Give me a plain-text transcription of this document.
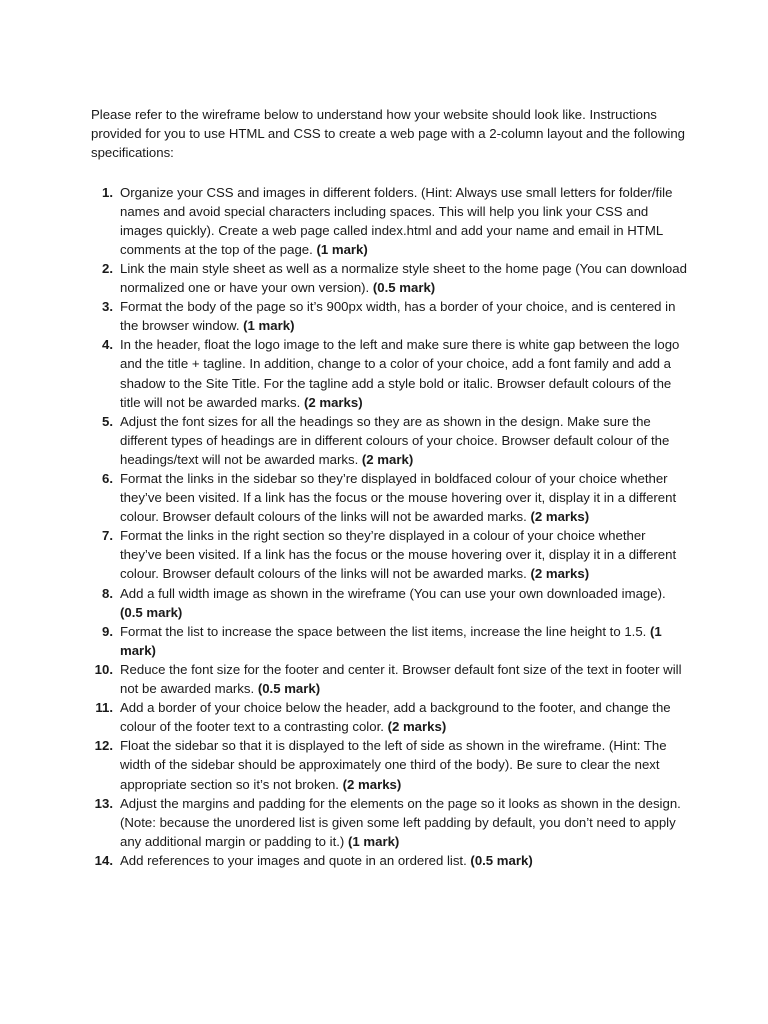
Please refer to the wireframe below to understand how your website should look like. Instructions provided for you to use HTML and CSS to create a web page with a 2-column layout and the following specifications:

1. Organize your CSS and images in different folders. (Hint: Always use small letters for folder/file names and avoid special characters including spaces. This will help you link your CSS and images quickly). Create a web page called index.html and add your name and email in HTML comments at the top of the page. (1 mark)
2. Link the main style sheet as well as a normalize style sheet to the home page (You can download normalized one or have your own version). (0.5 mark)
3. Format the body of the page so it’s 900px width, has a border of your choice, and is centered in the browser window. (1 mark)
4. In the header, float the logo image to the left and make sure there is white gap between the logo and the title + tagline. In addition, change to a color of your choice, add a font family and add a shadow to the Site Title. For the tagline add a style bold or italic. Browser default colours of the title will not be awarded marks. (2 marks)
5. Adjust the font sizes for all the headings so they are as shown in the design. Make sure the different types of headings are in different colours of your choice. Browser default colour of the headings/text will not be awarded marks. (2 mark)
6. Format the links in the sidebar so they’re displayed in boldfaced colour of your choice whether they’ve been visited. If a link has the focus or the mouse hovering over it, display it in a different colour. Browser default colours of the links will not be awarded marks. (2 marks)
7. Format the links in the right section so they’re displayed in a colour of your choice whether they’ve been visited. If a link has the focus or the mouse hovering over it, display it in a different colour. Browser default colours of the links will not be awarded marks. (2 marks)
8. Add a full width image as shown in the wireframe (You can use your own downloaded image). (0.5 mark)
9. Format the list to increase the space between the list items, increase the line height to 1.5. (1 mark)
10. Reduce the font size for the footer and center it. Browser default font size of the text in footer will not be awarded marks. (0.5 mark)
11. Add a border of your choice below the header, add a background to the footer, and change the colour of the footer text to a contrasting color. (2 marks)
12. Float the sidebar so that it is displayed to the left of side as shown in the wireframe. (Hint: The width of the sidebar should be approximately one third of the body). Be sure to clear the next appropriate section so it’s not broken. (2 marks)
13. Adjust the margins and padding for the elements on the page so it looks as shown in the design. (Note: because the unordered list is given some left padding by default, you don’t need to apply any additional margin or padding to it.) (1 mark)
14. Add references to your images and quote in an ordered list. (0.5 mark)
